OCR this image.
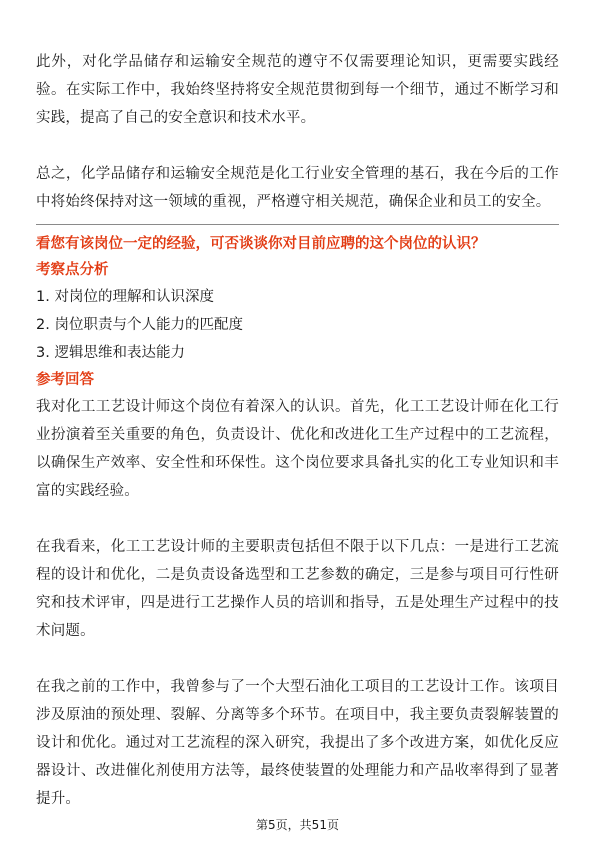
此外，对化学品储存和运输安全规范的遵守不仅需要理论知识，更需要实践经验。在实际工作中，我始终坚持将安全规范贯彻到每一个细节，通过不断学习和实践，提高了自己的安全意识和技术水平。

总之，化学品储存和运输安全规范是化工行业安全管理的基石，我在今后的工作中将始终保持对这一领域的重视，严格遵守相关规范，确保企业和员工的安全。

看您有该岗位一定的经验，可否谈谈你对目前应聘的这个岗位的认识？

考察点分析

1. 对岗位的理解和认识深度

2. 岗位职责与个人能力的匹配度

3. 逻辑思维和表达能力

参考回答

我对化工工艺设计师这个岗位有着深入的认识。首先，化工工艺设计师在化工行业扮演着至关重要的角色，负责设计、优化和改进化工生产过程中的工艺流程，以确保生产效率、安全性和环保性。这个岗位要求具备扎实的化工专业知识和丰富的实践经验。

在我看来，化工工艺设计师的主要职责包括但不限于以下几点：一是进行工艺流程的设计和优化，二是负责设备选型和工艺参数的确定，三是参与项目可行性研究和技术评审，四是进行工艺操作人员的培训和指导，五是处理生产过程中的技术问题。

在我之前的工作中，我曾参与了一个大型石油化工项目的工艺设计工作。该项目涉及原油的预处理、裂解、分离等多个环节。在项目中，我主要负责裂解装置的设计和优化。通过对工艺流程的深入研究，我提出了多个改进方案，如优化反应器设计、改进催化剂使用方法等，最终使装置的处理能力和产品收率得到了显著提升。

第5页，共51页
